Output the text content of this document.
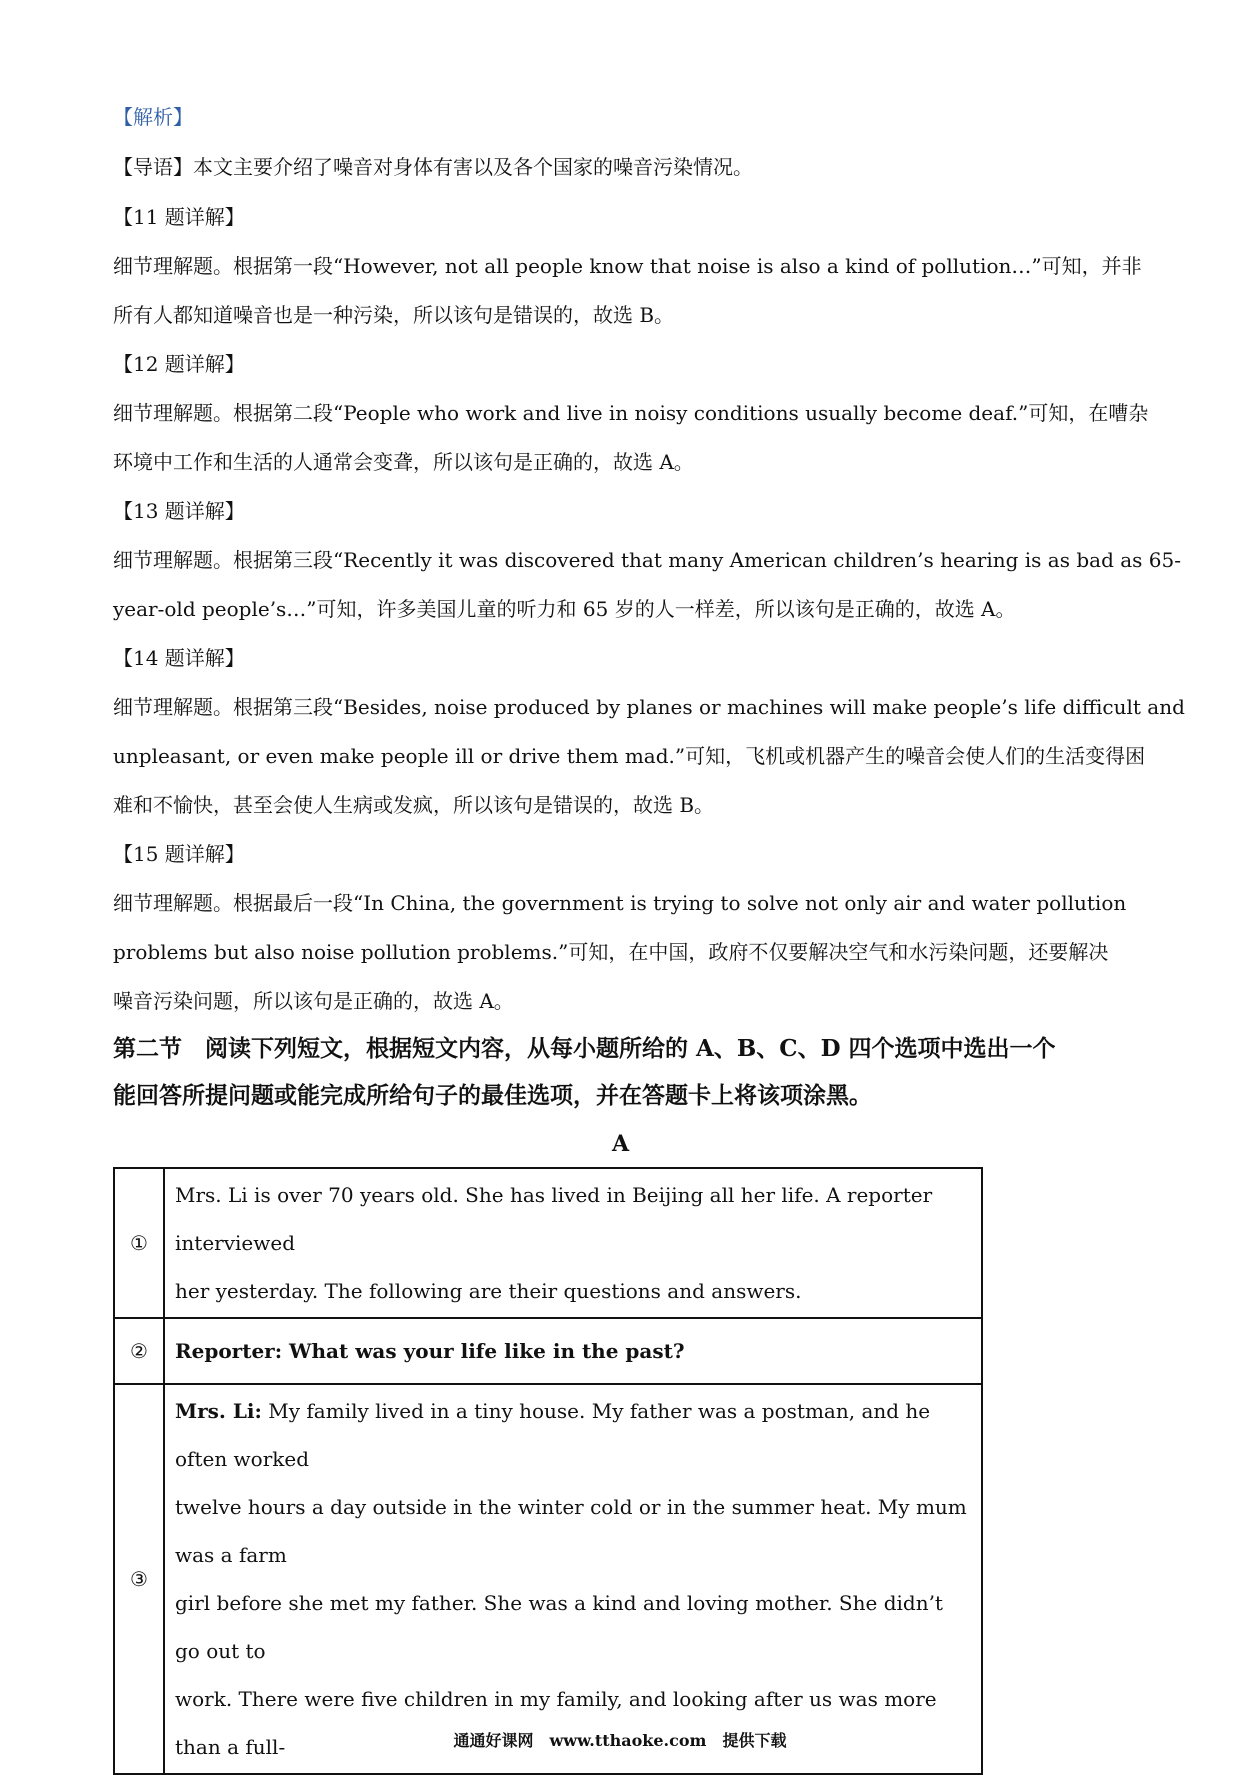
【解析】
【导语】本文主要介绍了噪音对身体有害以及各个国家的噪音污染情况。
【11 题详解】
细节理解题。根据第一段“However, not all people know that noise is also a kind of pollution…”可知，并非
所有人都知道噪音也是一种污染，所以该句是错误的，故选 B。
【12 题详解】
细节理解题。根据第二段“People who work and live in noisy conditions usually become deaf.”可知，在嘈杂
环境中工作和生活的人通常会变聋，所以该句是正确的，故选 A。
【13 题详解】
细节理解题。根据第三段“Recently it was discovered that many American children’s hearing is as bad as 65-
year-old people’s…”可知，许多美国儿童的听力和 65 岁的人一样差，所以该句是正确的，故选 A。
【14 题详解】
细节理解题。根据第三段“Besides, noise produced by planes or machines will make people’s life difficult and
unpleasant, or even make people ill or drive them mad.”可知，飞机或机器产生的噪音会使人们的生活变得困
难和不愉快，甚至会使人生病或发疯，所以该句是错误的，故选 B。
【15 题详解】
细节理解题。根据最后一段“In China, the government is trying to solve not only air and water pollution
problems but also noise pollution problems.”可知，在中国，政府不仅要解决空气和水污染问题，还要解决
噪音污染问题，所以该句是正确的，故选 A。
第二节　阅读下列短文，根据短文内容，从每小题所给的 A、B、C、D 四个选项中选出一个
能回答所提问题或能完成所给句子的最佳选项，并在答题卡上将该项涂黑。
A
①	Mrs. Li is over 70 years old. She has lived in Beijing all her life. A reporter interviewed
her yesterday. The following are their questions and answers.

②	Reporter: What was your life like in the past?
③	Mrs. Li: My family lived in a tiny house. My father was a postman, and he often worked
twelve hours a day outside in the winter cold or in the summer heat. My mum was a farm
girl before she met my father. She was a kind and loving mother. She didn’t go out to
work. There were five children in my family, and looking after us was more than a full-	通通好课网　www.tthaoke.com　提供下载
